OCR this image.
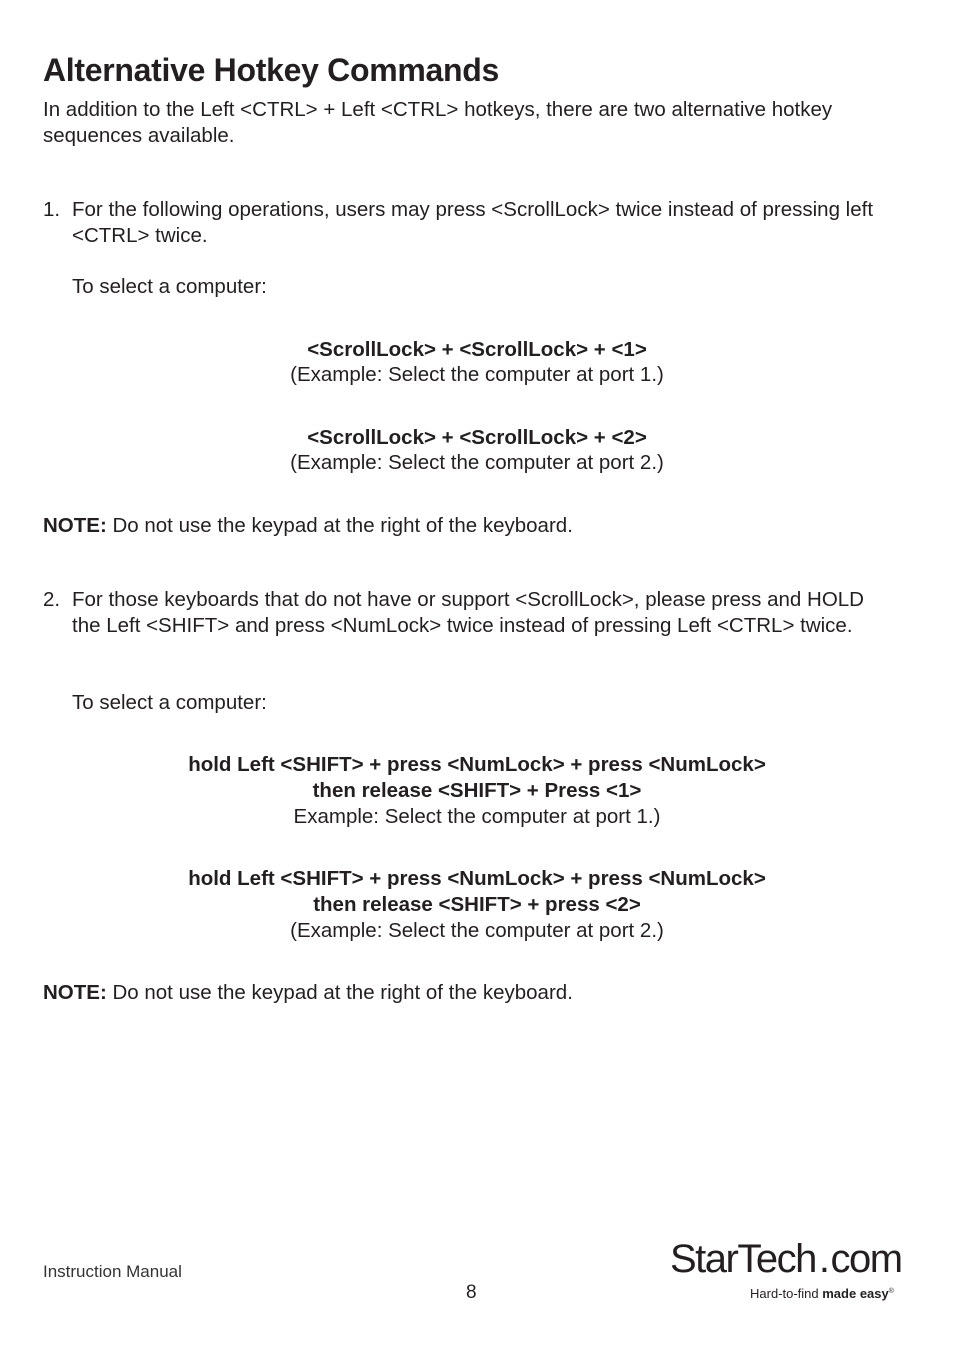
Alternative Hotkey Commands
In addition to the Left <CTRL> + Left <CTRL> hotkeys, there are two alternative hotkey sequences available.
1. For the following operations, users may press <ScrollLock> twice instead of pressing left <CTRL> twice.
To select a computer:
<ScrollLock> + <ScrollLock> + <1>
(Example: Select the computer at port 1.)
<ScrollLock> + <ScrollLock> + <2>
(Example: Select the computer at port 2.)
NOTE: Do not use the keypad at the right of the keyboard.
2. For those keyboards that do not have or support <ScrollLock>, please press and HOLD the Left <SHIFT> and press <NumLock> twice instead of pressing Left <CTRL> twice.
To select a computer:
hold Left <SHIFT> + press <NumLock> + press <NumLock>
then release <SHIFT> + Press <1>
Example: Select the computer at port 1.)
hold Left <SHIFT> + press <NumLock> + press <NumLock>
then release <SHIFT> + press <2>
(Example: Select the computer at port 2.)
NOTE: Do not use the keypad at the right of the keyboard.
Instruction Manual
8
StarTech.com
Hard-to-find made easy®
